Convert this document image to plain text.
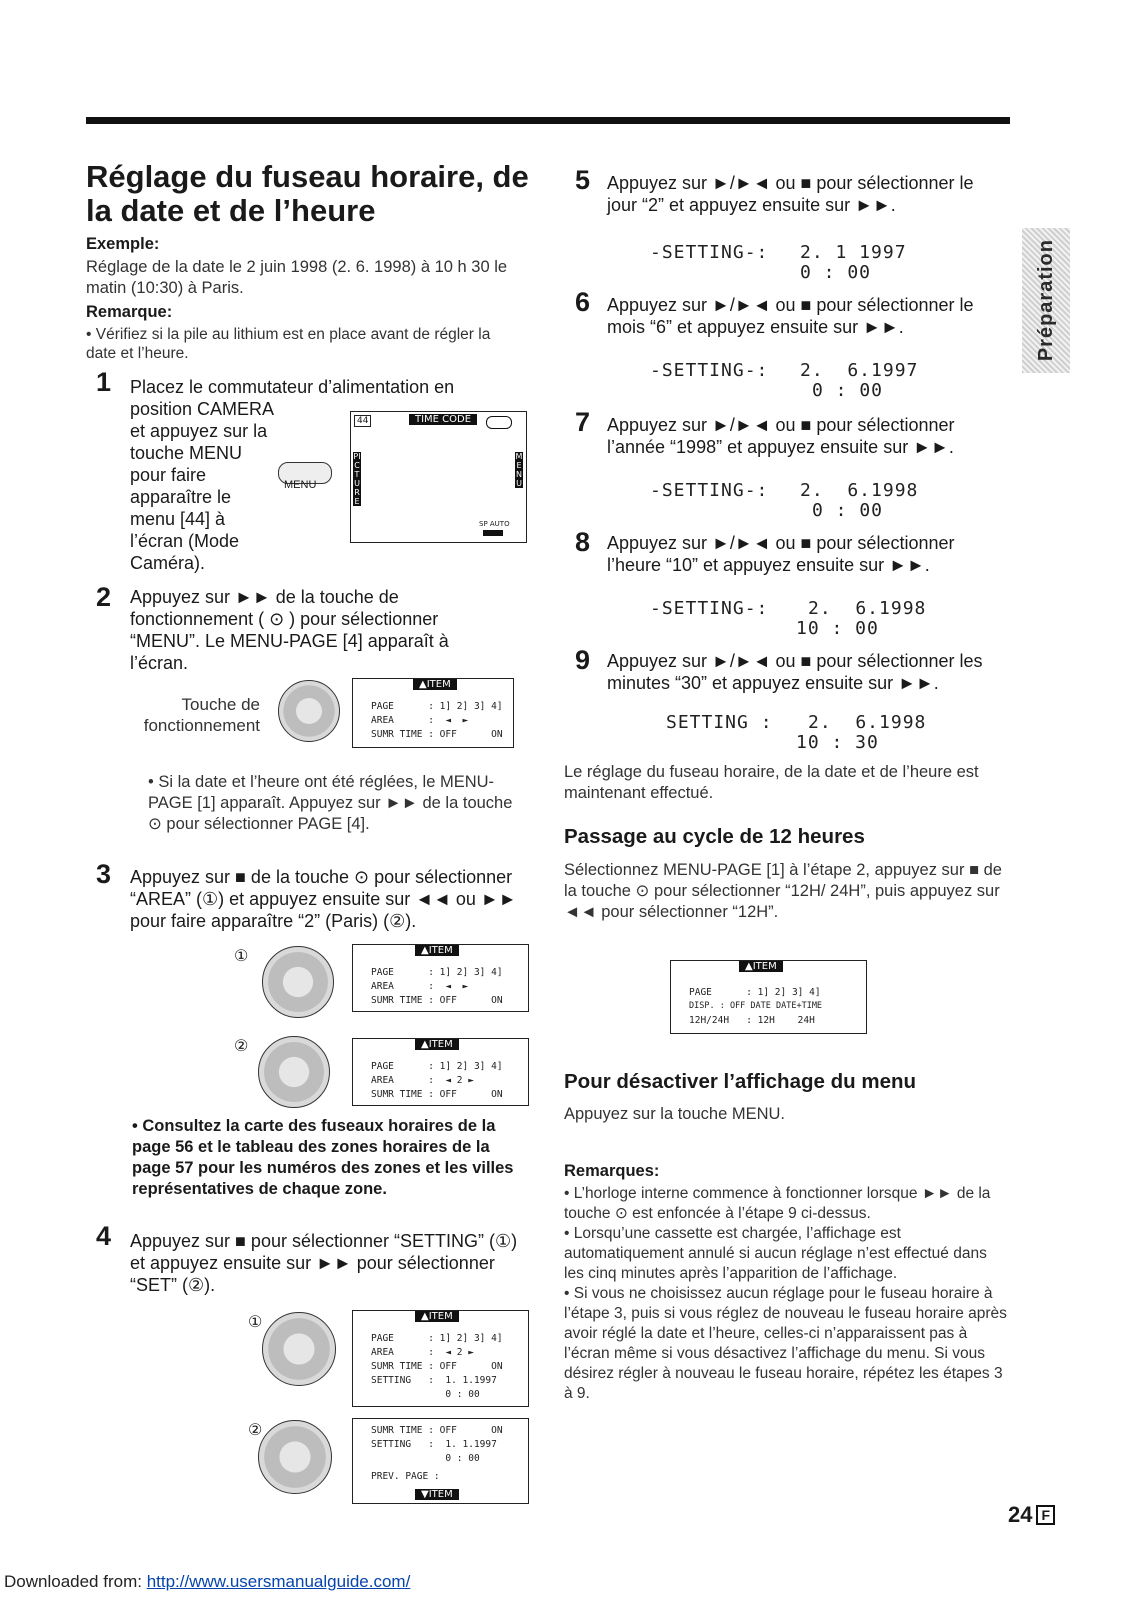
Réglage du fuseau horaire, de la date et de l’heure
Exemple:
Réglage de la date le 2 juin 1998 (2. 6. 1998) à 10 h 30 le matin (10:30) à Paris.
Remarque:
• Vérifiez si la pile au lithium est en place avant de régler la date et l’heure.
1 Placez le commutateur d’alimentation en
position CAMERA et appuyez sur la touche MENU pour faire apparaître le menu [44] à l’écran (Mode Caméra).
MENU
44	TIME CODE
PICTURE
MENU
SP AUTO
2 Appuyez sur ►► de la touche de fonctionnement ( ⊙ ) pour sélectionner “MENU”. Le MENU-PAGE [4] apparaît à l’écran.
Touche de fonctionnement
▲ITEM
PAGE      : 1] 2] 3] 4]
AREA      :  ◄  ►
SUMR TIME : OFF      ON
• Si la date et l’heure ont été réglées, le MENU-PAGE [1] apparaît. Appuyez sur ►► de la touche ⊙ pour sélectionner PAGE [4].
3 Appuyez sur ■ de la touche ⊙ pour sélectionner “AREA” (①) et appuyez ensuite sur ◄◄ ou ►► pour faire apparaître “2” (Paris) (②).
①	▲ITEM
PAGE      : 1] 2] 3] 4]
AREA      :  ◄  ►
SUMR TIME : OFF      ON
②	▲ITEM
PAGE      : 1] 2] 3] 4]
AREA      :  ◄ 2 ►
SUMR TIME : OFF      ON
• Consultez la carte des fuseaux horaires de la page 56 et le tableau des zones horaires de la page 57 pour les numéros des zones et les villes représentatives de chaque zone.
4 Appuyez sur ■ pour sélectionner “SETTING” (①) et appuyez ensuite sur ►► pour sélectionner “SET” (②).
①	▲ITEM
PAGE      : 1] 2] 3] 4]
AREA      :  ◄ 2 ►
SUMR TIME : OFF      ON
SETTING   :  1. 1.1997
0 : 00
②	SUMR TIME : OFF      ON
SETTING   :  1. 1.1997
0 : 00
PREV. PAGE :
▼ITEM
5 Appuyez sur ►/►◄ ou ■ pour sélectionner le jour “2” et appuyez ensuite sur ►►.
-SETTING-: 2. 1 1997
0 : 00
6 Appuyez sur ►/►◄ ou ■ pour sélectionner le mois “6” et appuyez ensuite sur ►►.
-SETTING-: 2.  6.1997
0 : 00
7 Appuyez sur ►/►◄ ou ■ pour sélectionner l’année “1998” et appuyez ensuite sur ►►.
-SETTING-: 2.  6.1998
0 : 00
8 Appuyez sur ►/►◄ ou ■ pour sélectionner l’heure “10” et appuyez ensuite sur ►►.
-SETTING-: 2.  6.1998
10 : 00
9 Appuyez sur ►/►◄ ou ■ pour sélectionner les minutes “30” et appuyez ensuite sur ►►.
SETTING : 2.  6.1998
10 : 30
Le réglage du fuseau horaire, de la date et de l’heure est maintenant effectué.
Passage au cycle de 12 heures
Sélectionnez MENU-PAGE [1] à l’étape 2, appuyez sur ■ de la touche ⊙ pour sélectionner “12H/ 24H”, puis appuyez sur ◄◄ pour sélectionner “12H”.
▲ITEM
PAGE      : 1] 2] 3] 4]
DISP. : OFF DATE DATE+TIME
12H/24H   : 12H    24H
Pour désactiver l’affichage du menu
Appuyez sur la touche MENU.
Remarques:

• L’horloge interne commence à fonctionner lorsque ►► de la touche ⊙ est enfoncée à l’étape 9 ci-dessus.

• Lorsqu’une cassette est chargée, l’affichage est automatiquement annulé si aucun réglage n’est effectué dans les cinq minutes après l’apparition de l’affichage.

• Si vous ne choisissez aucun réglage pour le fuseau horaire à l’étape 3, puis si vous réglez de nouveau le fuseau horaire après avoir réglé la date et l’heure, celles-ci n’apparaissent pas à l’écran même si vous désactivez l’affichage du menu. Si vous désirez régler à nouveau le fuseau horaire, répétez les étapes 3 à 9.

Préparation
24 F
Downloaded from: http://www.usersmanualguide.com/
